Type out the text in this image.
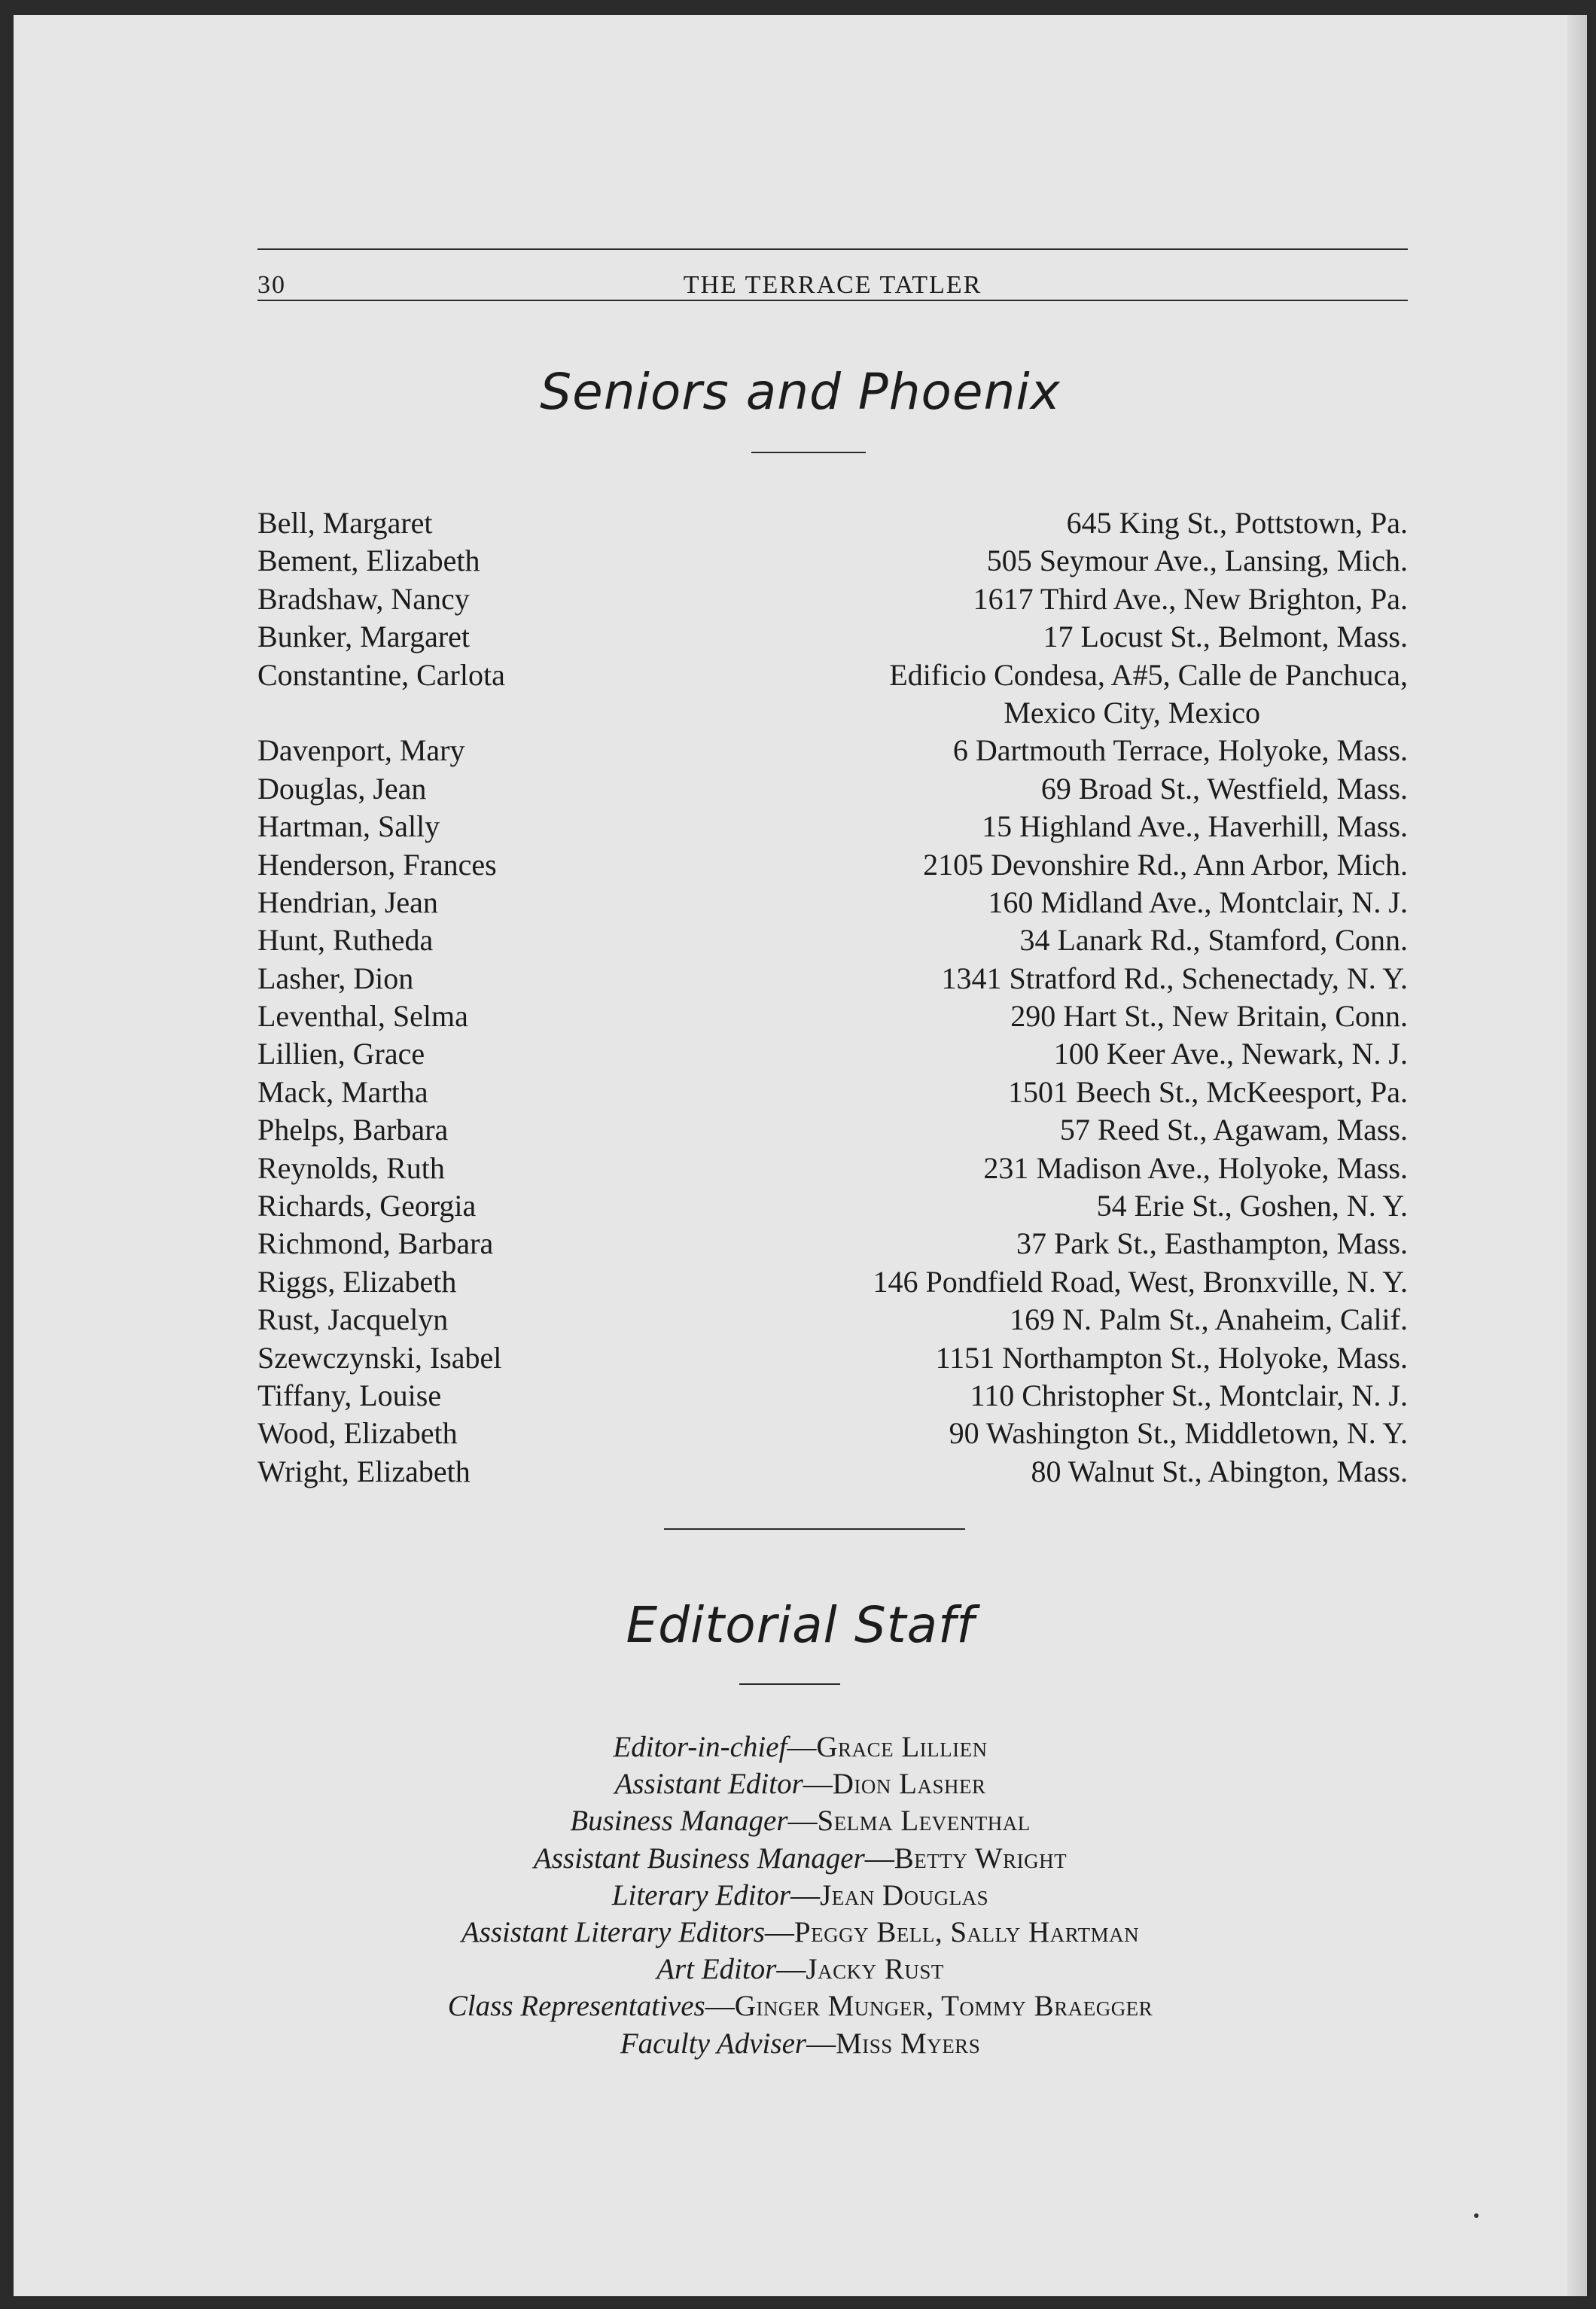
30	THE TERRACE TATLER
Seniors and Phoenix
Bell, Margaret	645 King St., Pottstown, Pa.
Bement, Elizabeth	505 Seymour Ave., Lansing, Mich.
Bradshaw, Nancy	1617 Third Ave., New Brighton, Pa.
Bunker, Margaret	17 Locust St., Belmont, Mass.
Constantine, Carlota	Edificio Condesa, A#5, Calle de Panchuca,
Mexico City, Mexico
Davenport, Mary	6 Dartmouth Terrace, Holyoke, Mass.
Douglas, Jean	69 Broad St., Westfield, Mass.
Hartman, Sally	15 Highland Ave., Haverhill, Mass.
Henderson, Frances	2105 Devonshire Rd., Ann Arbor, Mich.
Hendrian, Jean	160 Midland Ave., Montclair, N. J.
Hunt, Rutheda	34 Lanark Rd., Stamford, Conn.
Lasher, Dion	1341 Stratford Rd., Schenectady, N. Y.
Leventhal, Selma	290 Hart St., New Britain, Conn.
Lillien, Grace	100 Keer Ave., Newark, N. J.
Mack, Martha	1501 Beech St., McKeesport, Pa.
Phelps, Barbara	57 Reed St., Agawam, Mass.
Reynolds, Ruth	231 Madison Ave., Holyoke, Mass.
Richards, Georgia	54 Erie St., Goshen, N. Y.
Richmond, Barbara	37 Park St., Easthampton, Mass.
Riggs, Elizabeth	146 Pondfield Road, West, Bronxville, N. Y.
Rust, Jacquelyn	169 N. Palm St., Anaheim, Calif.
Szewczynski, Isabel	1151 Northampton St., Holyoke, Mass.
Tiffany, Louise	110 Christopher St., Montclair, N. J.
Wood, Elizabeth	90 Washington St., Middletown, N. Y.
Wright, Elizabeth	80 Walnut St., Abington, Mass.
Editorial Staff
Editor-in-chief—Grace Lillien
Assistant Editor—Dion Lasher
Business Manager—Selma Leventhal
Assistant Business Manager—Betty Wright
Literary Editor—Jean Douglas
Assistant Literary Editors—Peggy Bell, Sally Hartman
Art Editor—Jacky Rust
Class Representatives—Ginger Munger, Tommy Braegger
Faculty Adviser—Miss Myers
